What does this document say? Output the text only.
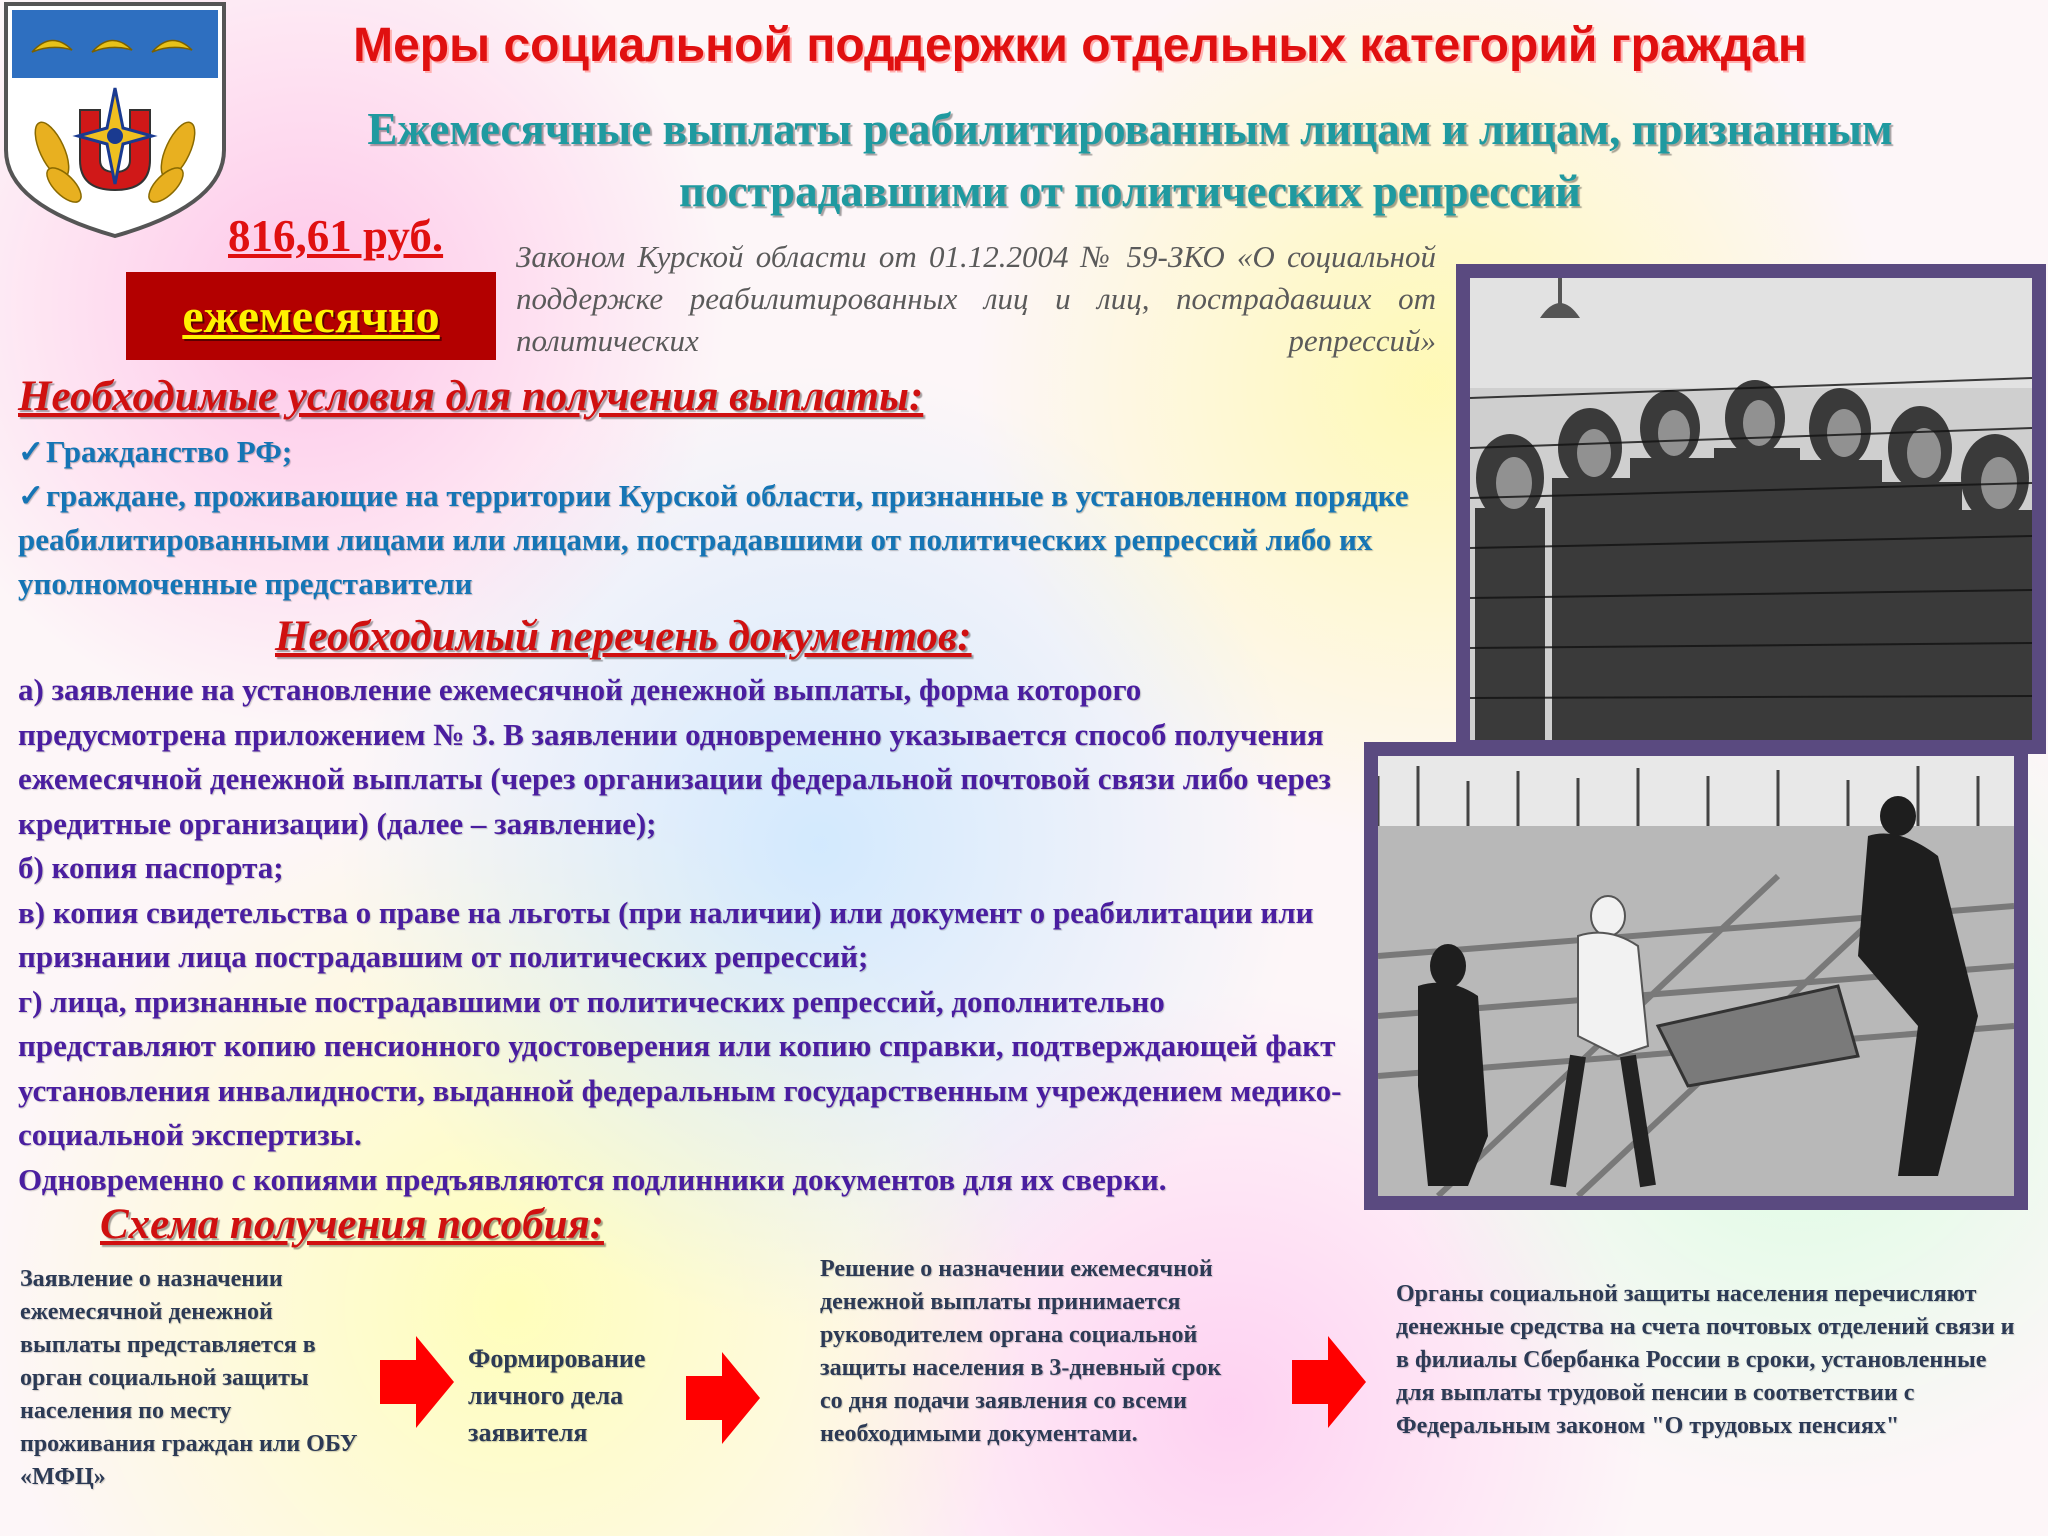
Меры социальной поддержки отдельных категорий граждан
Ежемесячные выплаты реабилитированным лицам и лицам, признанным
пострадавшими от политических репрессий
816,61 руб.
ежемесячно
Законом Курской области от 01.12.2004 № 59-ЗКО «О социальной поддержке реабилитированных лиц и лиц, пострадавших от политических репрессий»
Необходимые условия для получения выплаты:
✓Гражданство РФ;
✓граждане, проживающие на территории Курской области, признанные в установленном порядке реабилитированными лицами или лицами, пострадавшими от политических репрессий либо их уполномоченные представители
Необходимый перечень документов:

а) заявление на установление ежемесячной денежной выплаты, форма которого предусмотрена приложением № 3. В заявлении одновременно указывается способ получения ежемесячной денежной выплаты (через организации федеральной почтовой связи либо через кредитные организации) (далее – заявление);

б) копия паспорта;

в) копия свидетельства о праве на льготы (при наличии) или документ о реабилитации или признании лица пострадавшим от политических репрессий;

г) лица, признанные пострадавшими от политических репрессий, дополнительно представляют копию пенсионного удостоверения или копию справки, подтверждающей факт установления инвалидности, выданной федеральным государственным учреждением медико-социальной экспертизы.

Одновременно с копиями предъявляются подлинники документов для их сверки.

Схема получения пособия:
Заявление о назначении ежемесячной денежной выплаты представляется в орган социальной защиты населения по месту проживания граждан или ОБУ «МФЦ»
Формирование личного дела заявителя
Решение о назначении ежемесячной денежной выплаты принимается руководителем органа социальной защиты населения в 3-дневный срок со дня подачи заявления со всеми необходимыми документами.
Органы социальной защиты населения перечисляют денежные средства на счета почтовых отделений связи и в филиалы Сбербанка России в сроки, установленные для выплаты трудовой пенсии в соответствии с Федеральным законом "О трудовых пенсиях"
